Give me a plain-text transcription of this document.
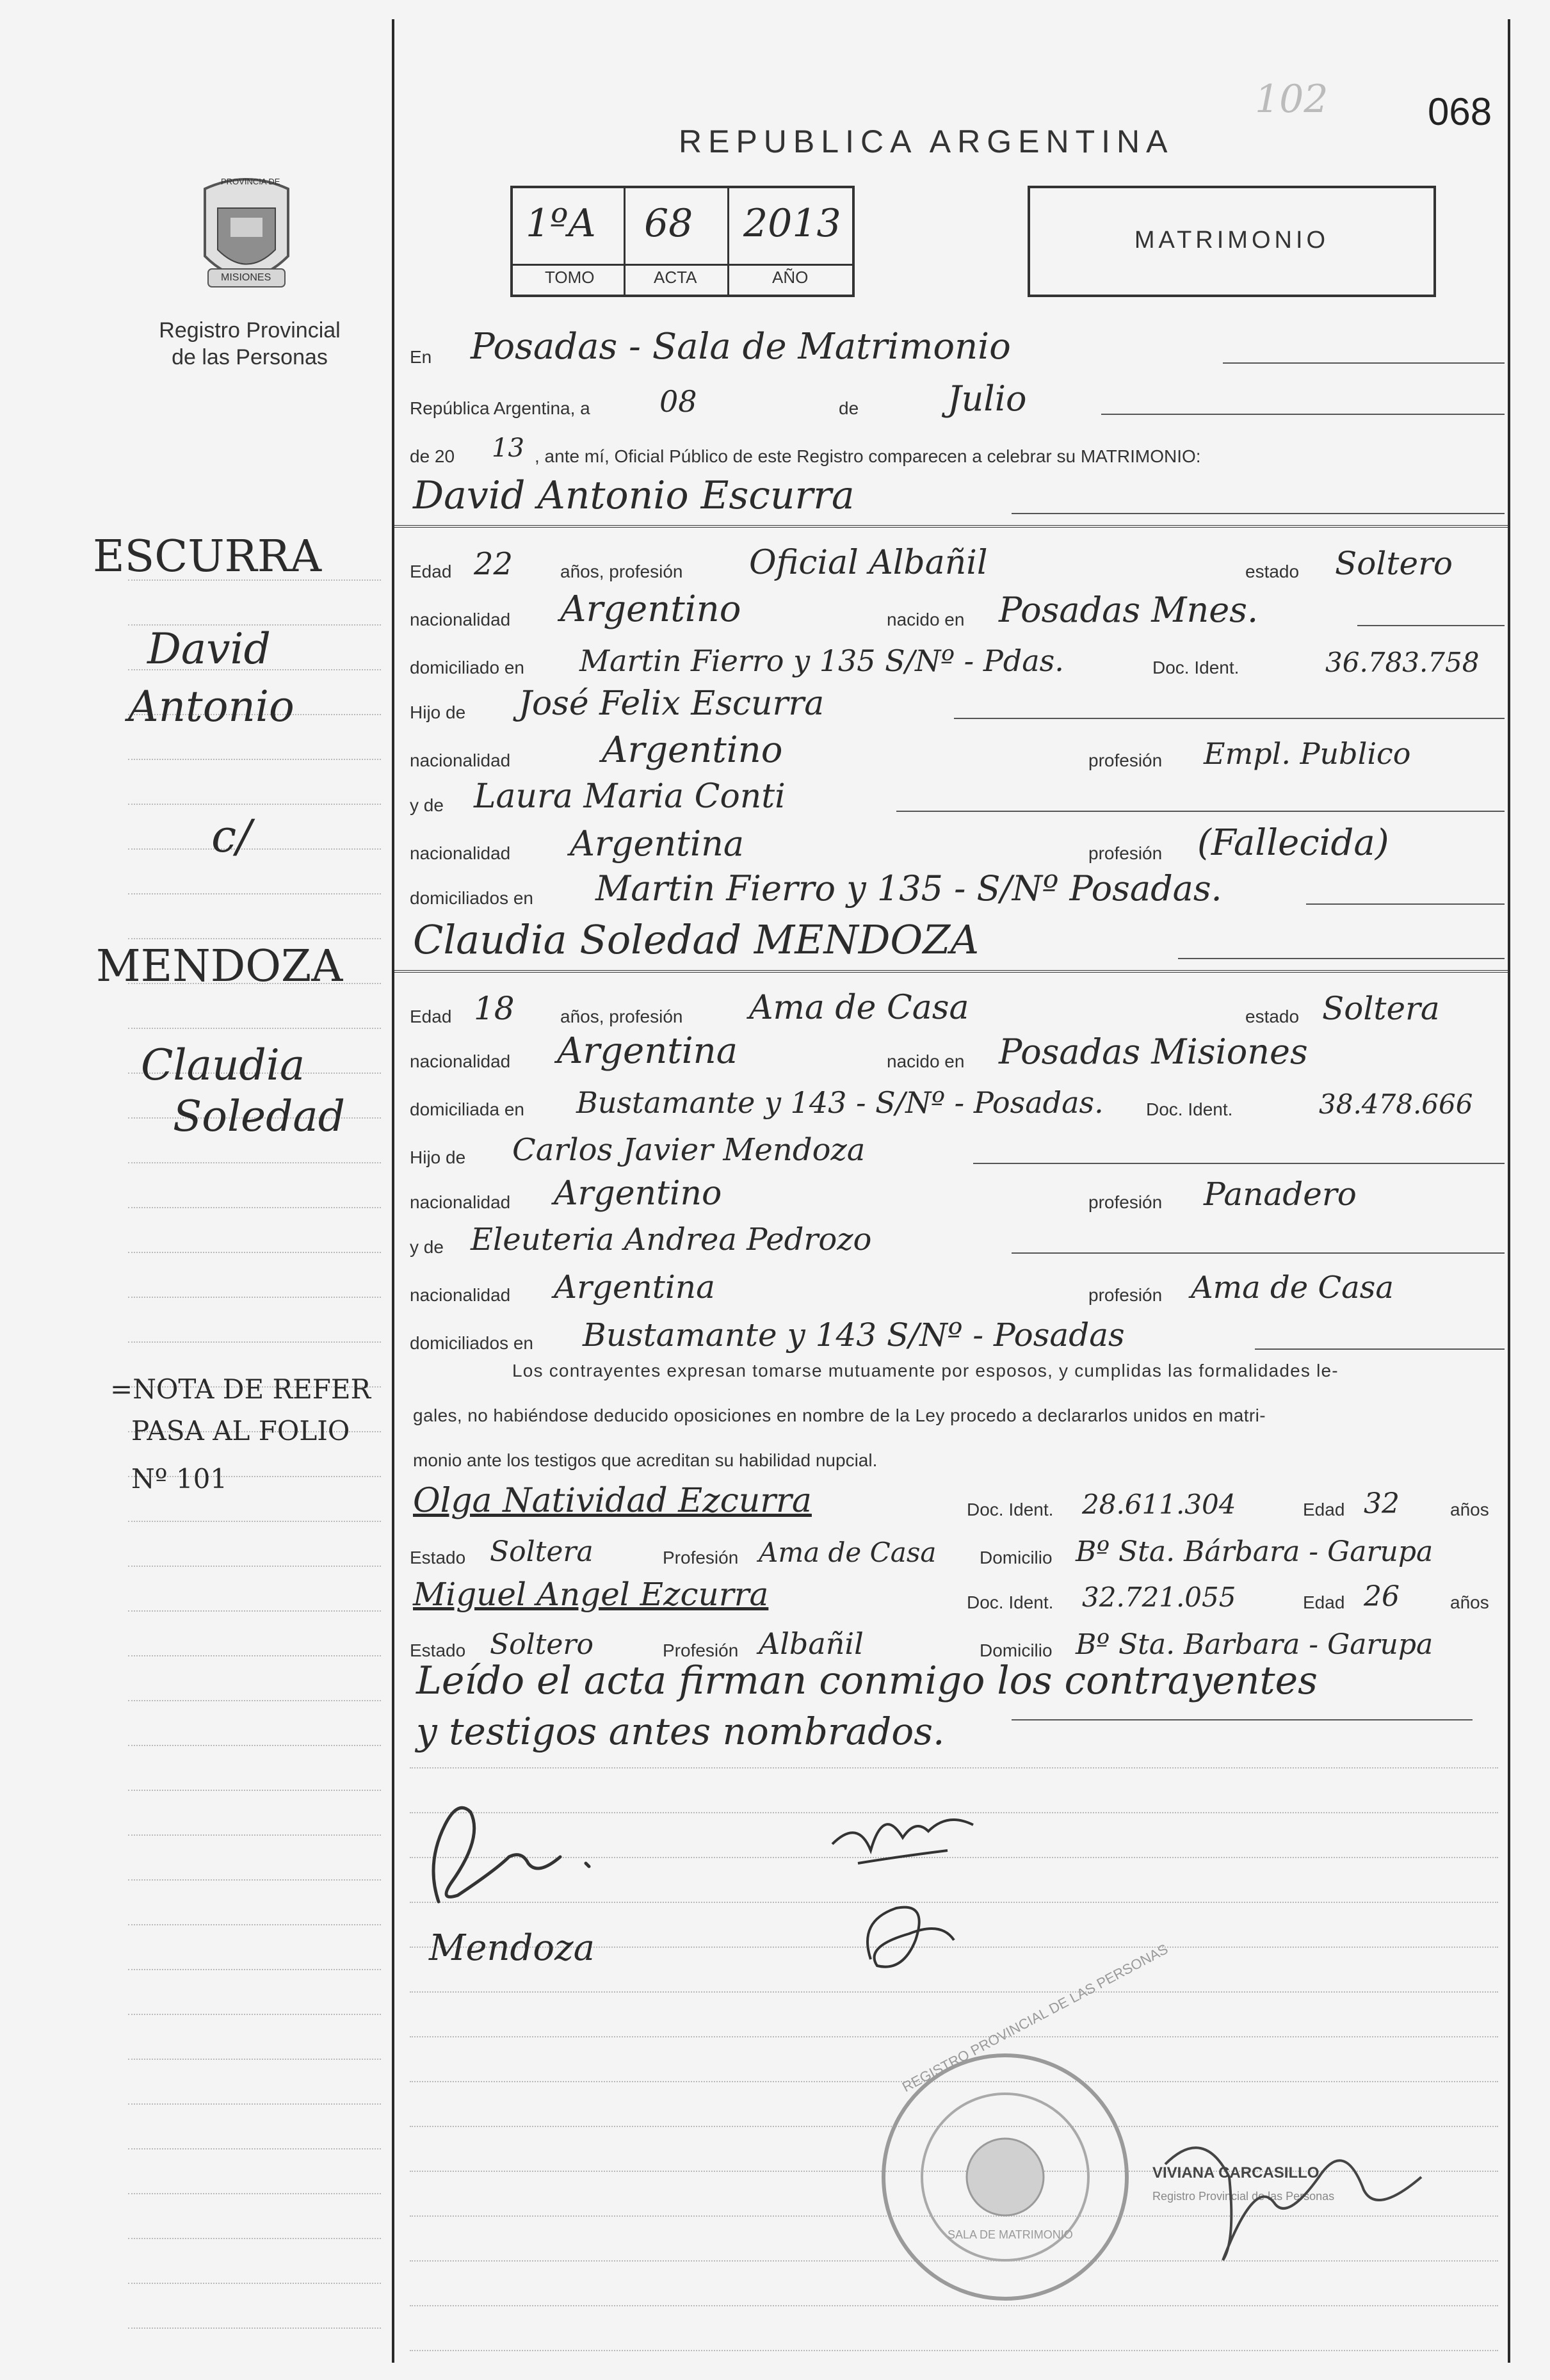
102	068
PROVINCIA DE
MISIONES
Registro Provincial
de las Personas
REPUBLICA ARGENTINA
1ºA 68 2013
TOMO	ACTA	AÑO
MATRIMONIO
ESCURRA
David
Antonio
c/
MENDOZA
Claudia
Soledad
=NOTA DE REFER
PASA AL FOLIO
Nº 101
En Posadas - Sala de Matrimonio
República Argentina, a 08	de	Julio
de 20 13 , ante mí, Oficial Público de este Registro comparecen a celebrar su MATRIMONIO:
David Antonio Escurra
Edad 22	años, profesión Oficial Albañil	estado Soltero
nacionalidad Argentino	nacido en Posadas Mnes.
domiciliado en Martin Fierro y 135 S/Nº - Pdas.	Doc. Ident.	36.783.758
Hijo de José Felix Escurra
nacionalidad	Argentino	profesión Empl. Publico
y de Laura Maria Conti
nacionalidad Argentina	profesión (Fallecida)
domiciliados en Martin Fierro y 135 - S/Nº Posadas.
Claudia Soledad MENDOZA
Edad 18	años, profesión Ama de Casa	estado Soltera
nacionalidad Argentina	nacido en Posadas Misiones
domiciliada en Bustamante y 143 - S/Nº - Posadas. Doc. Ident.	38.478.666
Hijo de Carlos Javier Mendoza
nacionalidad Argentino	profesión Panadero
y de Eleuteria Andrea Pedrozo
nacionalidad Argentina	profesión Ama de Casa
domiciliados en Bustamante y 143 S/Nº - Posadas
Los contrayentes expresan tomarse mutuamente por esposos, y cumplidas las formalidades le-
gales, no habiéndose deducido oposiciones en nombre de la Ley procedo a declararlos unidos en matri-
monio ante los testigos que acreditan su habilidad nupcial.
Olga Natividad Ezcurra	Doc. Ident. 28.611.304	Edad 32	años
Estado Soltera	Profesión Ama de Casa Domicilio Bº Sta. Bárbara - Garupa
Miguel Angel Ezcurra	Doc. Ident. 32.721.055	Edad 26	años
Estado Soltero	Profesión Albañil	Domicilio Bº Sta. Barbara - Garupa
Leído el acta firman conmigo los contrayentes
y testigos antes nombrados.
Mendoza	REGISTRO PROVINCIAL DE LAS PERSONAS
SALA DE MATRIMONIO
VIVIANA CARCASILLO
Registro Provincial de las Personas
